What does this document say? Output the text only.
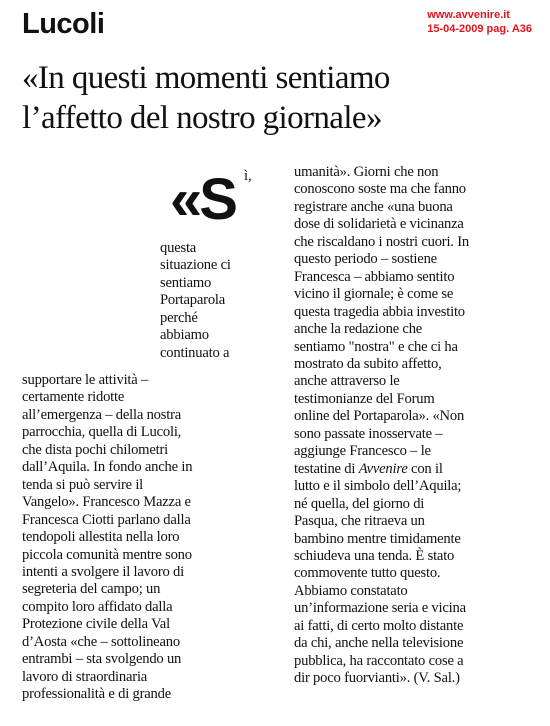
Lucoli	www.avvenire.it
15-04-2009 pag. A36
«In questi momenti sentiamo
l’affetto del nostro giornale»
«S ì,
questa
situazione ci
sentiamo
Portaparola
perché
abbiamo
continuato a
supportare le attività –
certamente ridotte
all’emergenza – della nostra
parrocchia, quella di Lucoli,
che dista pochi chilometri
dall’Aquila. In fondo anche in
tenda si può servire il
Vangelo». Francesco Mazza e
Francesca Ciotti parlano dalla
tendopoli allestita nella loro
piccola comunità mentre sono
intenti a svolgere il lavoro di
segreteria del campo; un
compito loro affidato dalla
Protezione civile della Val
d’Aosta «che – sottolineano
entrambi – sta svolgendo un
lavoro di straordinaria
professionalità e di grande
umanità». Giorni che non
conoscono soste ma che fanno
registrare anche «una buona
dose di solidarietà e vicinanza
che riscaldano i nostri cuori. In
questo periodo – sostiene
Francesca – abbiamo sentito
vicino il giornale; è come se
questa tragedia abbia investito
anche la redazione che
sentiamo "nostra" e che ci ha
mostrato da subito affetto,
anche attraverso le
testimonianze del Forum
online del Portaparola». «Non
sono passate inosservate –
aggiunge Francesco – le
testatine di Avvenire con il
lutto e il simbolo dell’Aquila;
né quella, del giorno di
Pasqua, che ritraeva un
bambino mentre timidamente
schiudeva una tenda. È stato
commovente tutto questo.
Abbiamo constatato
un’informazione seria e vicina
ai fatti, di certo molto distante
da chi, anche nella televisione
pubblica, ha raccontato cose a
dir poco fuorvianti». (V. Sal.)
